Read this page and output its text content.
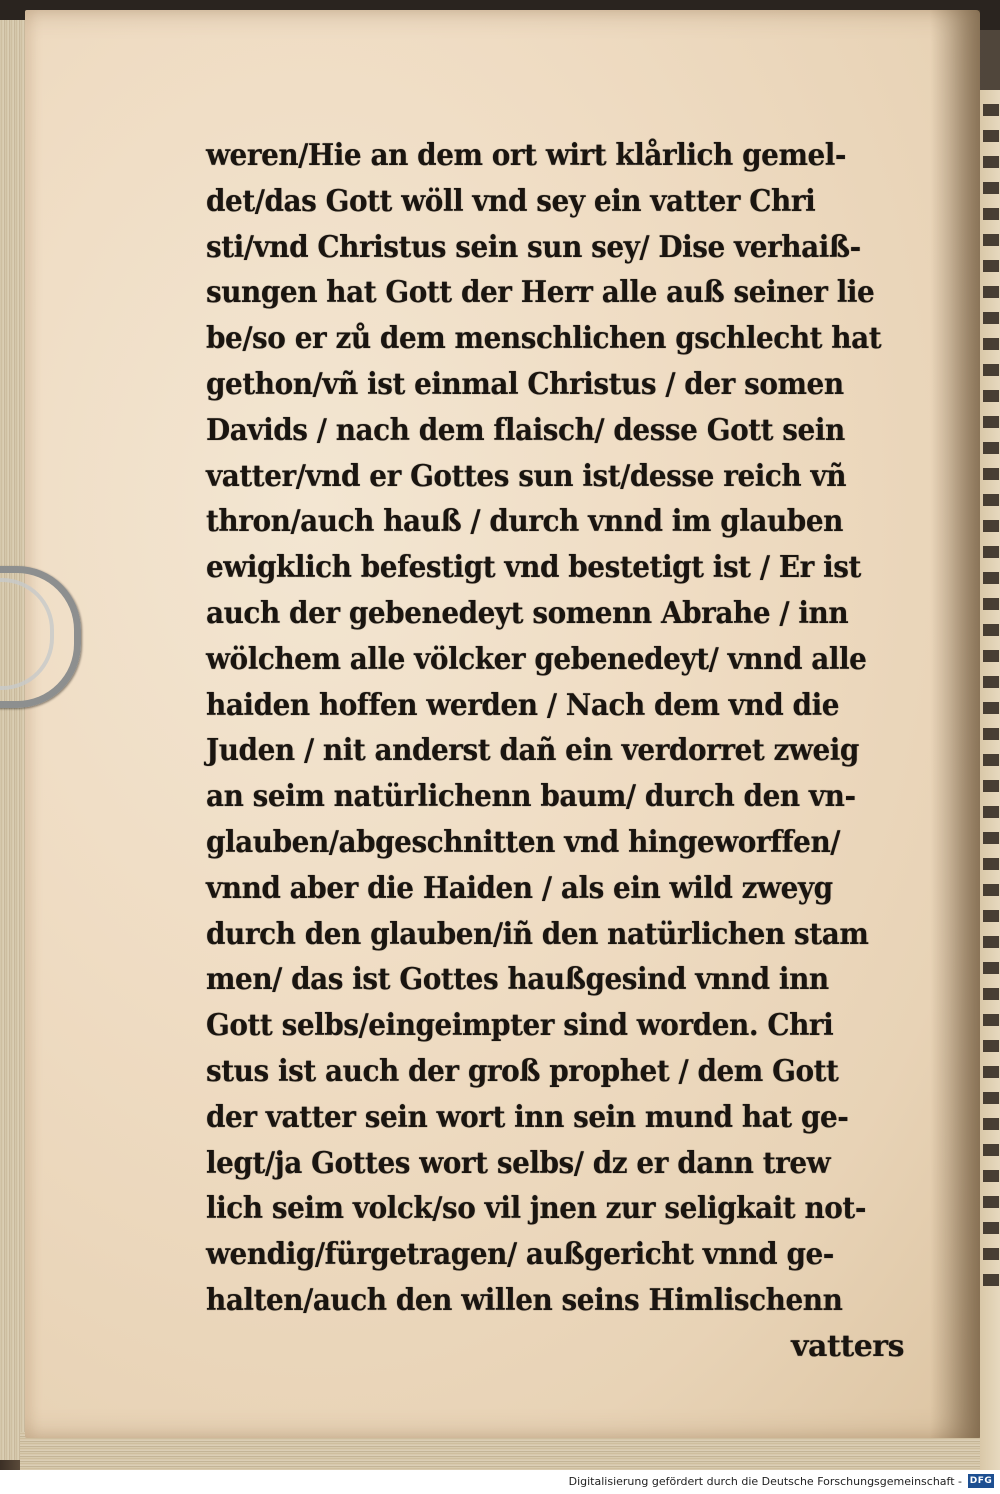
weren/Hie an dem ort wirt klårlich gemel-
det/das Gott wöll vnd sey ein vatter Chri
sti/vnd Christus sein sun sey/ Dise verhaiß-
sungen hat Gott der Herr alle auß seiner lie
be/so er zů dem menschlichen gschlecht hat
gethon/vñ ist einmal Christus / der somen
Davids / nach dem flaisch/ desse Gott sein
vatter/vnd er Gottes sun ist/desse reich vñ
thron/auch hauß / durch vnnd im glauben
ewigklich befestigt vnd bestetigt ist / Er ist
auch der gebenedeyt somenn Abrahe / inn
wölchem alle völcker gebenedeyt/ vnnd alle
haiden hoffen werden / Nach dem vnd die
Juden / nit anderst dañ ein verdorret zweig
an seim natürlichenn baum/ durch den vn-
glauben/abgeschnitten vnd hingeworffen/
vnnd aber die Haiden / als ein wild zweyg
durch den glauben/iñ den natürlichen stam
men/ das ist Gottes haußgesind vnnd inn
Gott selbs/eingeimpter sind worden. Chri
stus ist auch der groß prophet / dem Gott
der vatter sein wort inn sein mund hat ge-
legt/ja Gottes wort selbs/ dz er dann trew
lich seim volck/so vil jnen zur seligkait not-
wendig/fürgetragen/ außgericht vnnd ge-
halten/auch den willen seins Himlischenn
vatters
Digitalisierung gefördert durch die Deutsche Forschungsgemeinschaft - DFG
